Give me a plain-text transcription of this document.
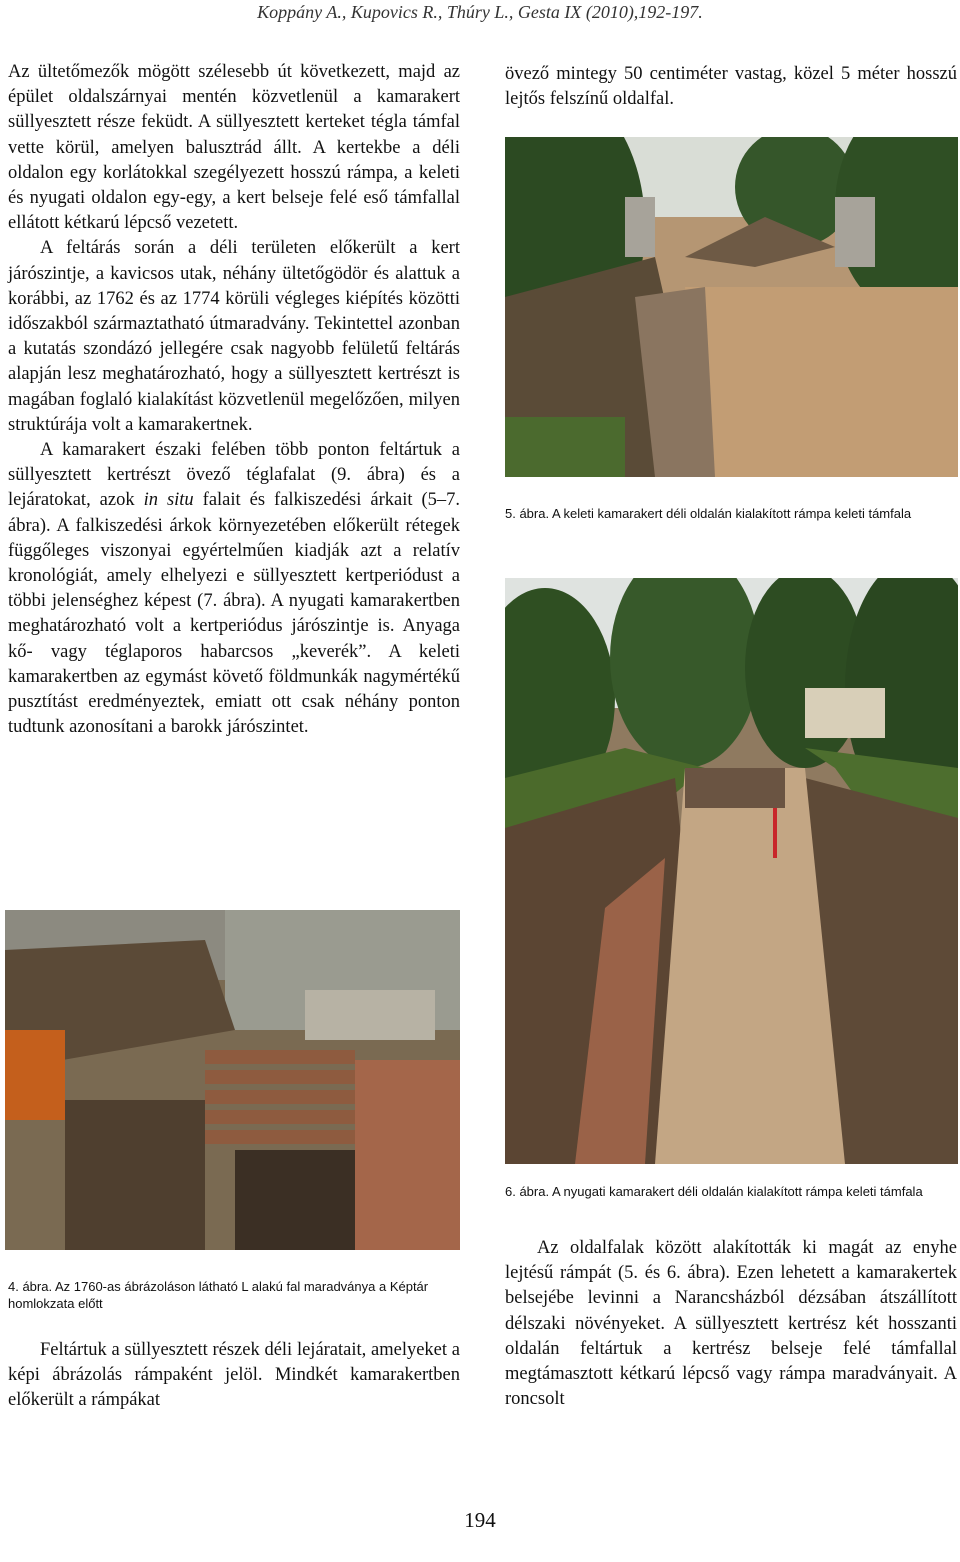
Koppány A., Kupovics R., Thúry L., Gesta IX (2010),192-197.

Az ültetőmezők mögött szélesebb út következett, majd az épület oldalszárnyai mentén közvetlenül a kamarakert süllyesztett része feküdt. A süllyesztett kerteket tégla támfal vette körül, amelyen balusztrád állt. A kertekbe a déli oldalon egy korlátokkal szegélyezett hosszú rámpa, a keleti és nyugati oldalon egy-egy, a kert belseje felé eső támfallal ellátott kétkarú lépcső vezetett.

A feltárás során a déli területen előkerült a kert járószintje, a kavicsos utak, néhány ültetőgödör és alattuk a korábbi, az 1762 és az 1774 körüli végleges kiépítés közötti időszakból származtatható útmaradvány. Tekintettel azonban a kutatás szondázó jellegére csak nagyobb felületű feltárás alapján lesz meghatározható, hogy a süllyesztett kertrészt is magában foglaló kialakítást közvetlenül megelőzően, milyen struktúrája volt a kamarakertnek.

A kamarakert északi felében több ponton feltártuk a süllyesztett kertrészt övező téglafalat (9. ábra) és a lejáratokat, azok in situ falait és falkiszedési árkait (5–7. ábra). A falkiszedési árkok környezetében előkerült rétegek függőleges viszonyai egyértelműen kiadják azt a relatív kronológiát, amely elhelyezi e süllyesztett kertperiódust a többi jelenséghez képest (7. ábra). A nyugati kamarakertben meghatározható volt a kertperiódus járószintje is. Anyaga kő- vagy téglaporos habarcsos „keverék”. A keleti kamarakertben az egymást követő földmunkák nagymértékű pusztítást eredményeztek, emiatt ott csak néhány ponton tudtunk azonosítani a barokk járószintet.

4. ábra. Az 1760-as ábrázoláson látható L alakú fal maradványa a Képtár homlokzata előtt

Feltártuk a süllyesztett részek déli lejáratait, amelyeket a képi ábrázolás rámpaként jelöl. Mindkét kamarakertben előkerült a rámpákat

övező mintegy 50 centiméter vastag, közel 5 méter hosszú lejtős felszínű oldalfal.

5. ábra. A keleti kamarakert déli oldalán kialakított rámpa keleti támfala
6. ábra. A nyugati kamarakert déli oldalán kialakított rámpa keleti támfala

Az oldalfalak között alakították ki magát az enyhe lejtésű rámpát (5. és 6. ábra). Ezen lehetett a kamarakertek belsejébe levinni a Narancsházból dézsában átszállított délszaki növényeket. A süllyesztett kertrész két hosszanti oldalán feltártuk a kertrész belseje felé támfallal megtámasztott kétkarú lépcső vagy rámpa maradványait. A roncsolt

194
